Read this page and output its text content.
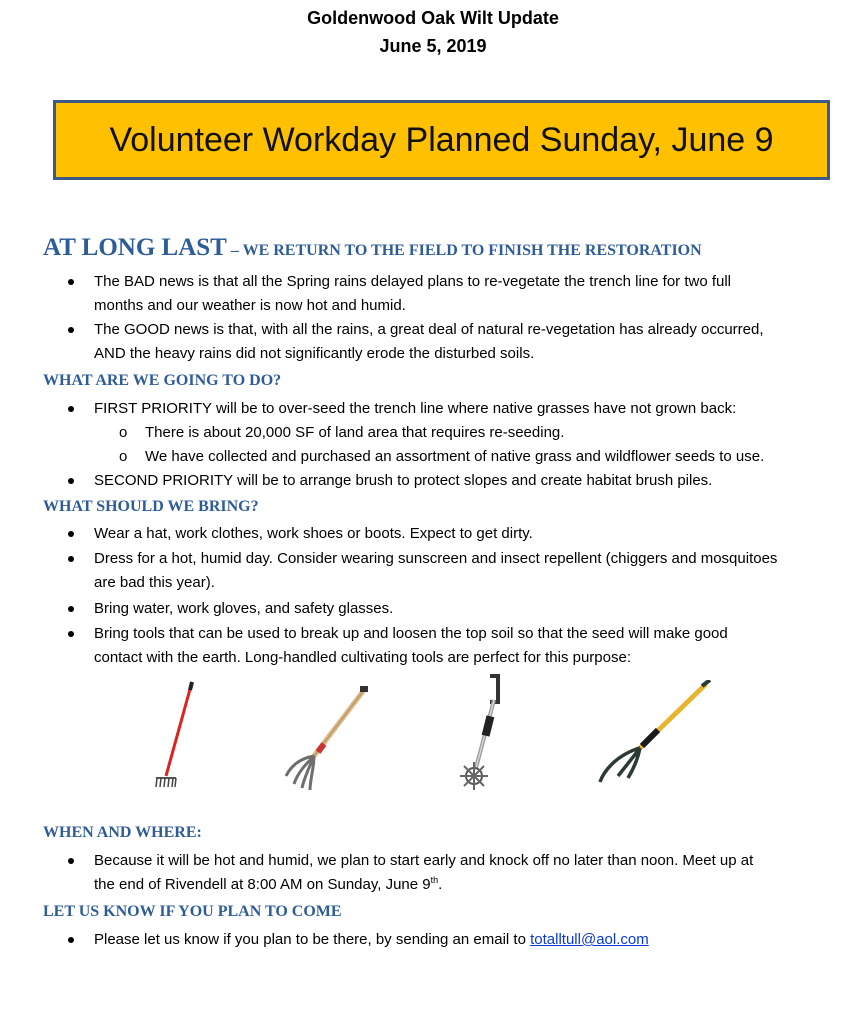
Goldenwood Oak Wilt Update
June 5, 2019
Volunteer Workday Planned Sunday, June 9
AT LONG LAST – WE RETURN TO THE FIELD TO FINISH THE RESTORATION
The BAD news is that all the Spring rains delayed plans to re-vegetate the trench line for two full
months and our weather is now hot and humid.
The GOOD news is that, with all the rains, a great deal of natural re-vegetation has already occurred,
AND the heavy rains did not significantly erode the disturbed soils.
WHAT ARE WE GOING TO DO?
FIRST PRIORITY will be to over-seed the trench line where native grasses have not grown back:
o There is about 20,000 SF of land area that requires re-seeding.
o We have collected and purchased an assortment of native grass and wildflower seeds to use.
SECOND PRIORITY will be to arrange brush to protect slopes and create habitat brush piles.
WHAT SHOULD WE BRING?
Wear a hat, work clothes, work shoes or boots. Expect to get dirty.
Dress for a hot, humid day. Consider wearing sunscreen and insect repellent (chiggers and mosquitoes
are bad this year).
Bring water, work gloves, and safety glasses.
Bring tools that can be used to break up and loosen the top soil so that the seed will make good
contact with the earth. Long-handled cultivating tools are perfect for this purpose:
WHEN AND WHERE:
Because it will be hot and humid, we plan to start early and knock off no later than noon. Meet up at
the end of Rivendell at 8:00 AM on Sunday, June 9th.
LET US KNOW IF YOU PLAN TO COME
Please let us know if you plan to be there, by sending an email to totalltull@aol.com
